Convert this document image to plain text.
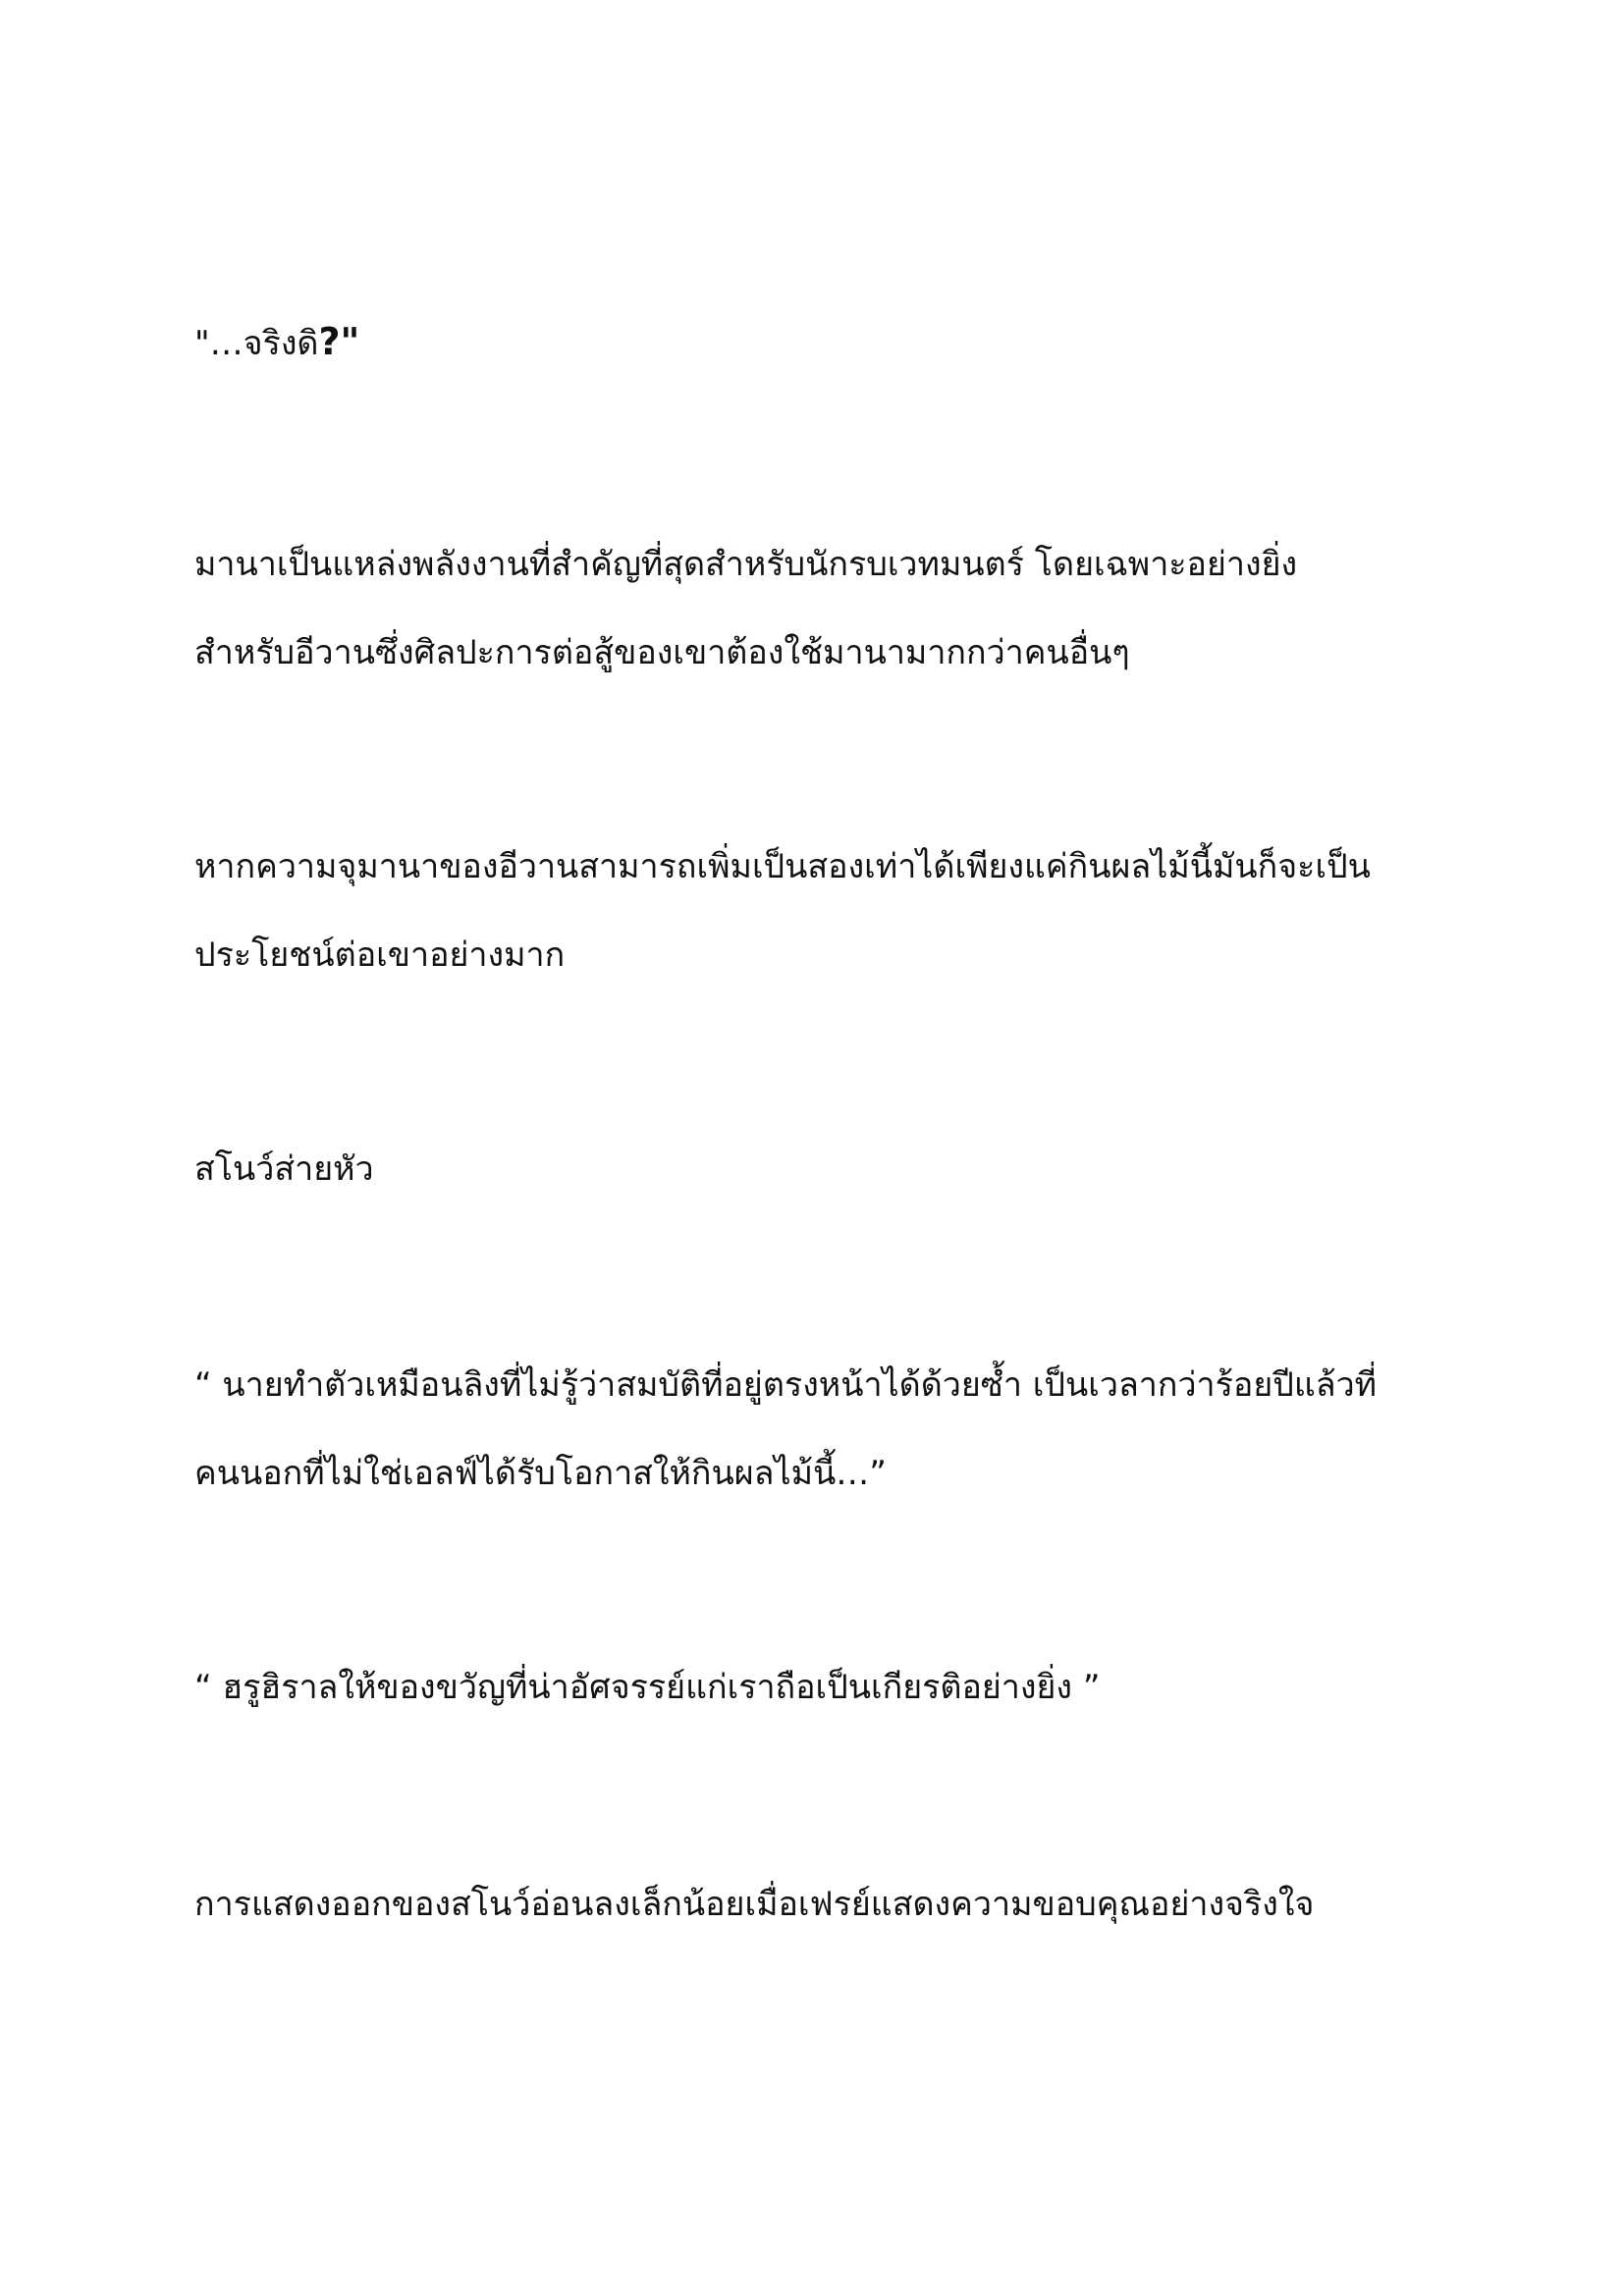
"…จริงดิ?"

มานาเป็นแหล่งพลังงานที่สำคัญที่สุดสำหรับนักรบเวทมนตร์ โดยเฉพาะอย่างยิ่ง
สำหรับอีวานซึ่งศิลปะการต่อสู้ของเขาต้องใช้มานามากกว่าคนอื่นๆ

หากความจุมานาของอีวานสามารถเพิ่มเป็นสองเท่าได้เพียงแค่กินผลไม้นี้มันก็จะเป็น
ประโยชน์ต่อเขาอย่างมาก

สโนว์ส่ายหัว

“ นายทำตัวเหมือนลิงที่ไม่รู้ว่าสมบัติที่อยู่ตรงหน้าได้ด้วยซ้ำ เป็นเวลากว่าร้อยปีแล้วที่
คนนอกที่ไม่ใช่เอลฟ์ได้รับโอกาสให้กินผลไม้นี้…”

“ ฮรูฮิราลให้ของขวัญที่น่าอัศจรรย์แก่เราถือเป็นเกียรติอย่างยิ่ง ”

การแสดงออกของสโนว์อ่อนลงเล็กน้อยเมื่อเฟรย์แสดงความขอบคุณอย่างจริงใจ
